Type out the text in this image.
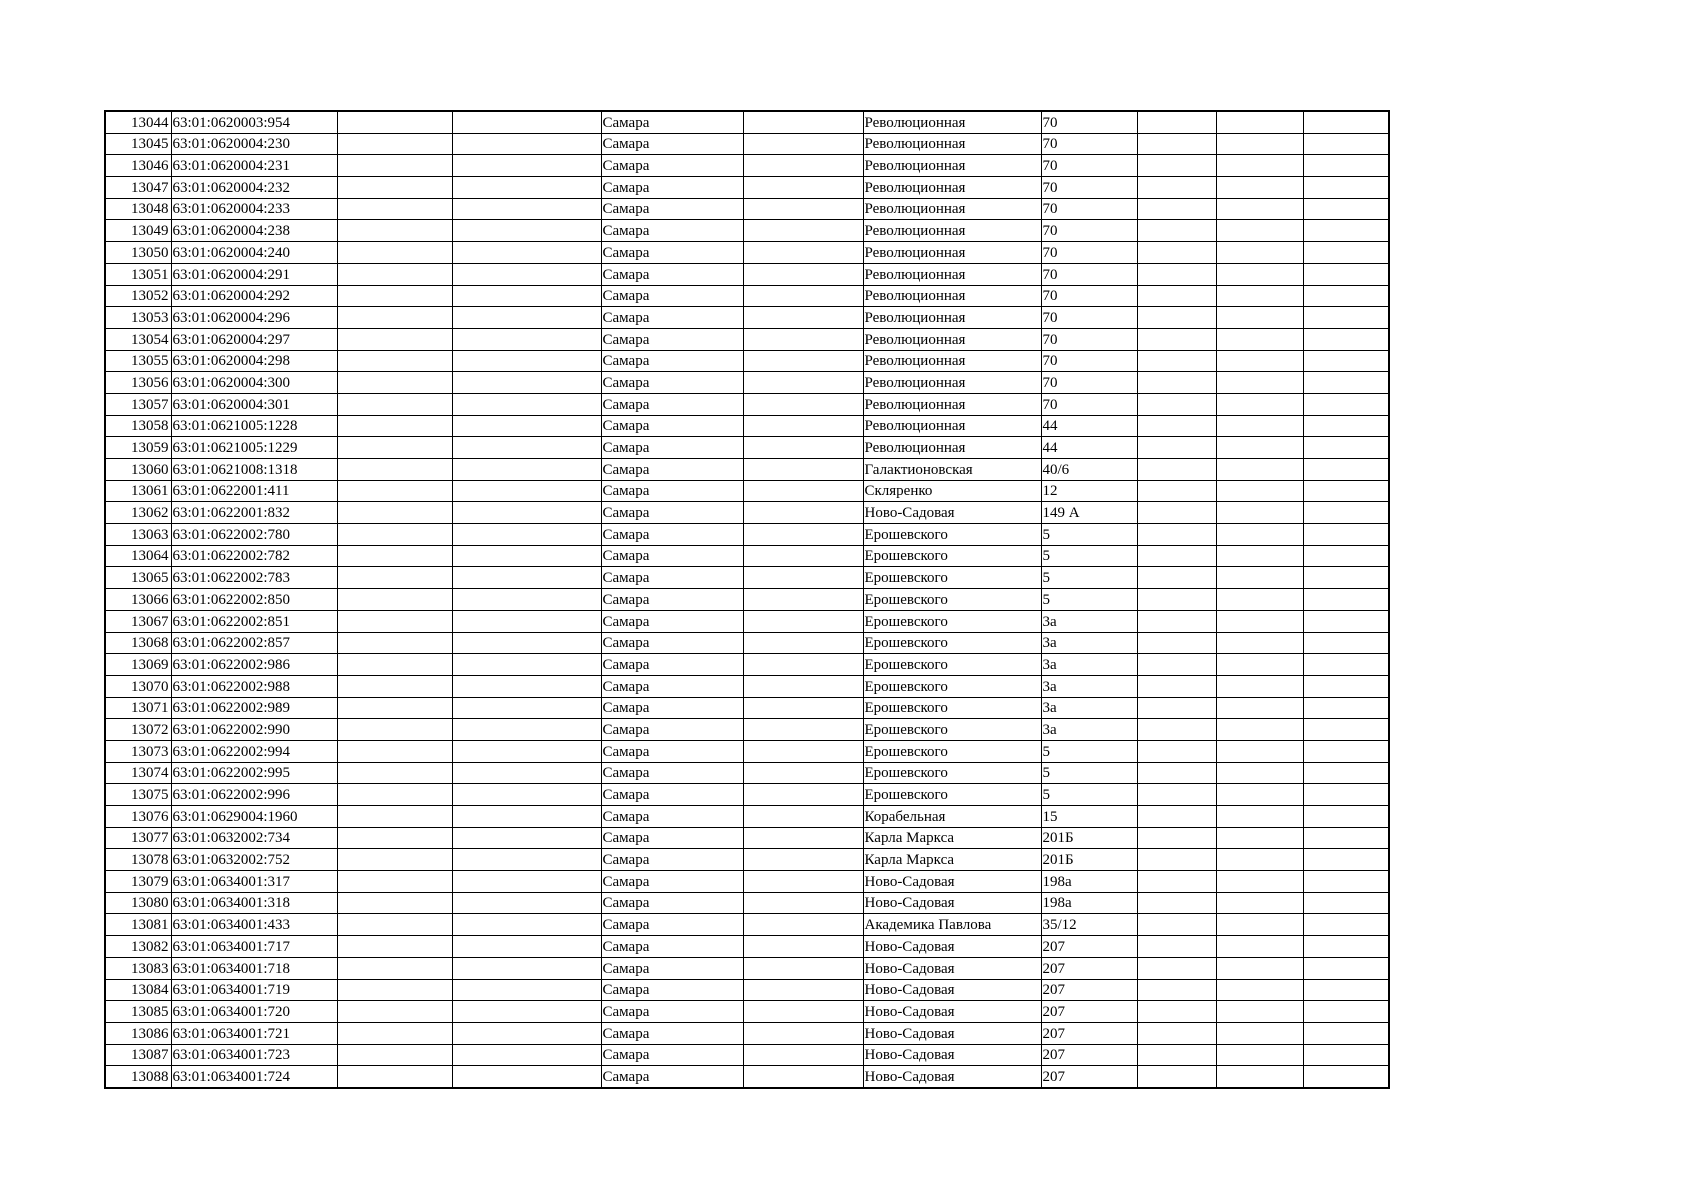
13044	63:01:0620003:954			Самара		Революционная	70			
13045	63:01:0620004:230			Самара		Революционная	70			
13046	63:01:0620004:231			Самара		Революционная	70			
13047	63:01:0620004:232			Самара		Революционная	70			
13048	63:01:0620004:233			Самара		Революционная	70			
13049	63:01:0620004:238			Самара		Революционная	70			
13050	63:01:0620004:240			Самара		Революционная	70			
13051	63:01:0620004:291			Самара		Революционная	70			
13052	63:01:0620004:292			Самара		Революционная	70			
13053	63:01:0620004:296			Самара		Революционная	70			
13054	63:01:0620004:297			Самара		Революционная	70			
13055	63:01:0620004:298			Самара		Революционная	70			
13056	63:01:0620004:300			Самара		Революционная	70			
13057	63:01:0620004:301			Самара		Революционная	70			
13058	63:01:0621005:1228			Самара		Революционная	44			
13059	63:01:0621005:1229			Самара		Революционная	44			
13060	63:01:0621008:1318			Самара		Галактионовская	40/6			
13061	63:01:0622001:411			Самара		Скляренко	12			
13062	63:01:0622001:832			Самара		Ново-Садовая	149 А			
13063	63:01:0622002:780			Самара		Ерошевского	5			
13064	63:01:0622002:782			Самара		Ерошевского	5			
13065	63:01:0622002:783			Самара		Ерошевского	5			
13066	63:01:0622002:850			Самара		Ерошевского	5			
13067	63:01:0622002:851			Самара		Ерошевского	3а			
13068	63:01:0622002:857			Самара		Ерошевского	3а			
13069	63:01:0622002:986			Самара		Ерошевского	3а			
13070	63:01:0622002:988			Самара		Ерошевского	3а			
13071	63:01:0622002:989			Самара		Ерошевского	3а			
13072	63:01:0622002:990			Самара		Ерошевского	3а			
13073	63:01:0622002:994			Самара		Ерошевского	5			
13074	63:01:0622002:995			Самара		Ерошевского	5			
13075	63:01:0622002:996			Самара		Ерошевского	5			
13076	63:01:0629004:1960			Самара		Корабельная	15			
13077	63:01:0632002:734			Самара		Карла Маркса	201Б			
13078	63:01:0632002:752			Самара		Карла Маркса	201Б			
13079	63:01:0634001:317			Самара		Ново-Садовая	198а			
13080	63:01:0634001:318			Самара		Ново-Садовая	198а			
13081	63:01:0634001:433			Самара		Академика Павлова	35/12			
13082	63:01:0634001:717			Самара		Ново-Садовая	207			
13083	63:01:0634001:718			Самара		Ново-Садовая	207			
13084	63:01:0634001:719			Самара		Ново-Садовая	207			
13085	63:01:0634001:720			Самара		Ново-Садовая	207			
13086	63:01:0634001:721			Самара		Ново-Садовая	207			
13087	63:01:0634001:723			Самара		Ново-Садовая	207			
13088	63:01:0634001:724			Самара		Ново-Садовая	207			
